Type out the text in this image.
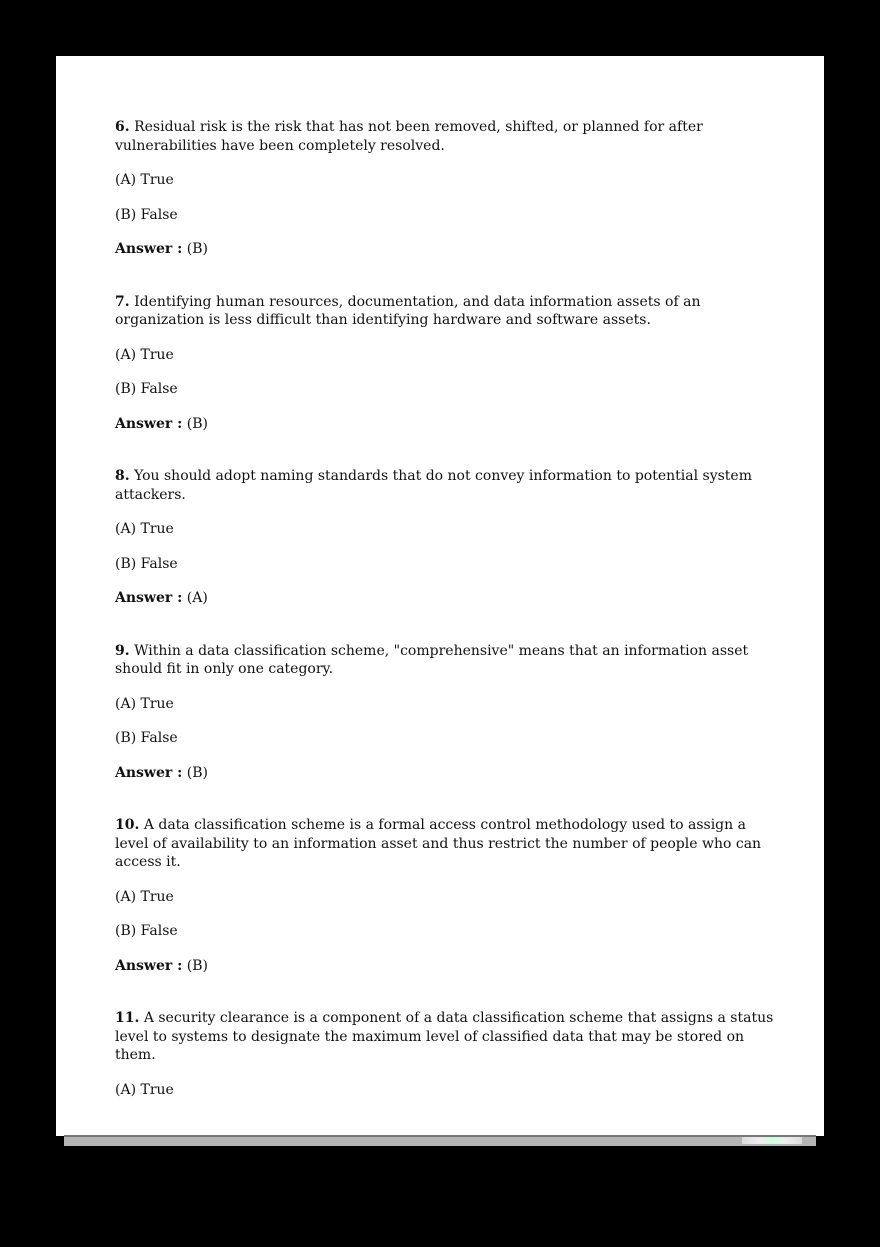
6. Residual risk is the risk that has not been removed, shifted, or planned for after vulnerabilities have been completely resolved.

(A) True

(B) False

Answer : (B)

7. Identifying human resources, documentation, and data information assets of an organization is less difficult than identifying hardware and software assets.

(A) True

(B) False

Answer : (B)

8. You should adopt naming standards that do not convey information to potential system attackers.

(A) True

(B) False

Answer : (A)

9. Within a data classification scheme, "comprehensive" means that an information asset should fit in only one category.

(A) True

(B) False

Answer : (B)

10. A data classification scheme is a formal access control methodology used to assign a level of availability to an information asset and thus restrict the number of people who can access it.

(A) True

(B) False

Answer : (B)

11. A security clearance is a component of a data classification scheme that assigns a status level to systems to designate the maximum level of classified data that may be stored on them.

(A) True
